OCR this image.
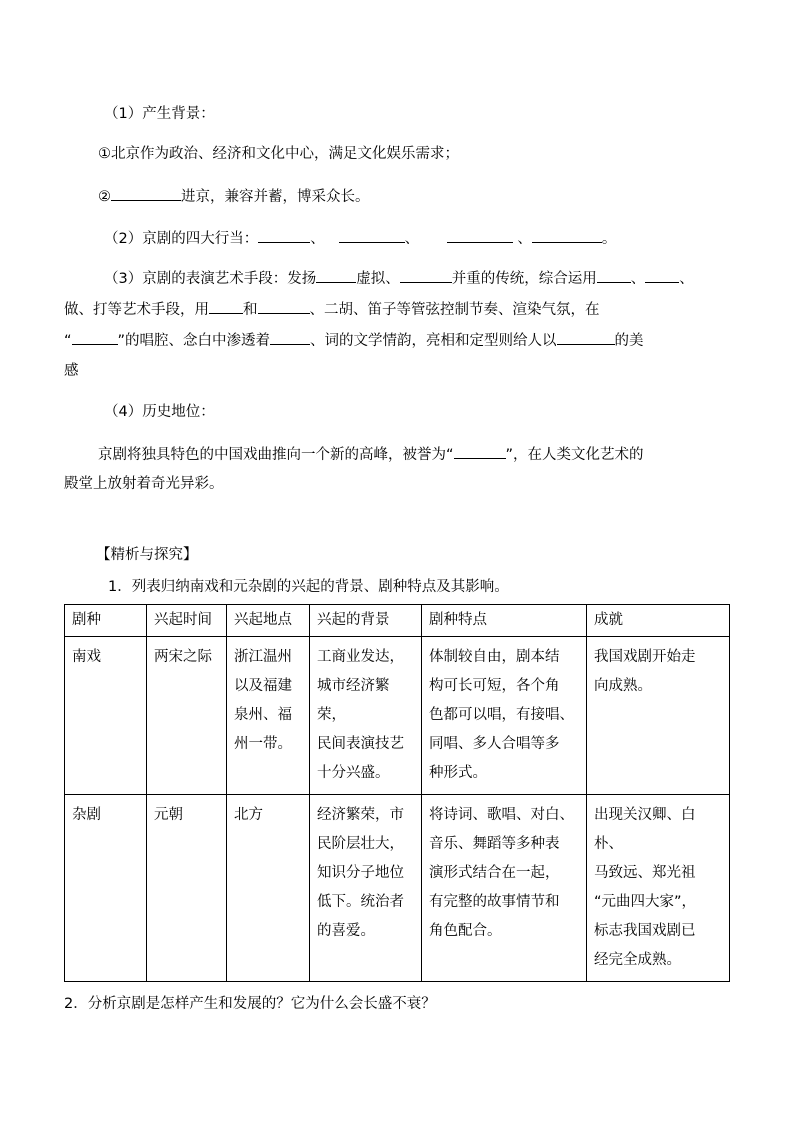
（1）产生背景：
①北京作为政治、经济和文化中心，满足文化娱乐需求；
②	进京，兼容并蓄，博采众长。
（2）京剧的四大行当：	、	、	、	。
（3）京剧的表演艺术手段：发扬	虚拟、	并重的传统，综合运用 、 、
做、打等艺术手段，用 和	、二胡、笛子等管弦控制节奏、渲染气氛，在
“	”的唱腔、念白中渗透着	、词的文学情韵，亮相和定型则给人以	的美
感
（4）历史地位：
京剧将独具特色的中国戏曲推向一个新的高峰，被誉为“	”，在人类文化艺术的
殿堂上放射着奇光异彩。
【精析与探究】
1．列表归纳南戏和元杂剧的兴起的背景、剧种特点及其影响。
剧种	兴起时间	兴起地点	兴起的背景	剧种特点	成就
南戏	两宋之际	浙江温州
以及福建
泉州、福
州一带。	工商业发达，
城市经济繁荣，
民间表演技艺
十分兴盛。	体制较自由，剧本结
构可长可短，各个角
色都可以唱，有接唱、
同唱、多人合唱等多
种形式。	我国戏剧开始走
向成熟。
杂剧	元朝	北方	经济繁荣，市
民阶层壮大，
知识分子地位
低下。统治者
的喜爱。	将诗词、歌唱、对白、
音乐、舞蹈等多种表
演形式结合在一起，
有完整的故事情节和
角色配合。	出现关汉卿、白朴、
马致远、郑光祖
“元曲四大家”，
标志我国戏剧已
经完全成熟。
2．分析京剧是怎样产生和发展的？它为什么会长盛不衰？
